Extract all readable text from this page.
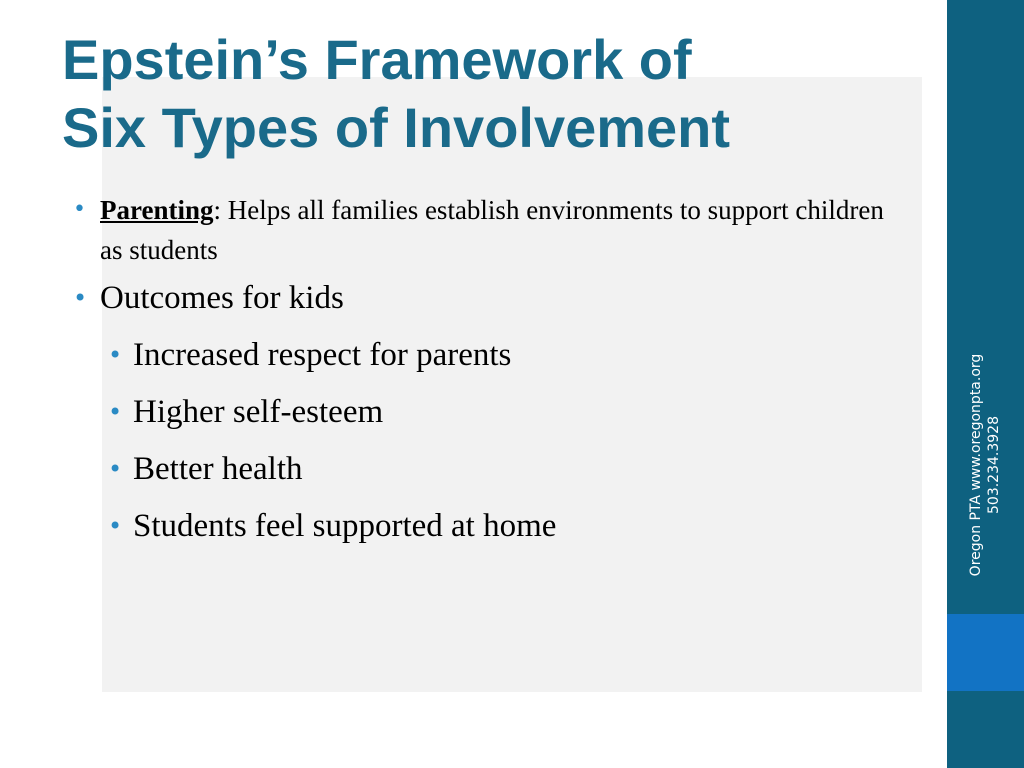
Epstein’s Framework of
Six Types of Involvement
• Parenting: Helps all families establish environments to support children as students
• Outcomes for kids
• Increased respect for parents
• Higher self-esteem
• Better health
• Students feel supported at home	Oregon PTA www.oregonpta.org 503.234.3928
